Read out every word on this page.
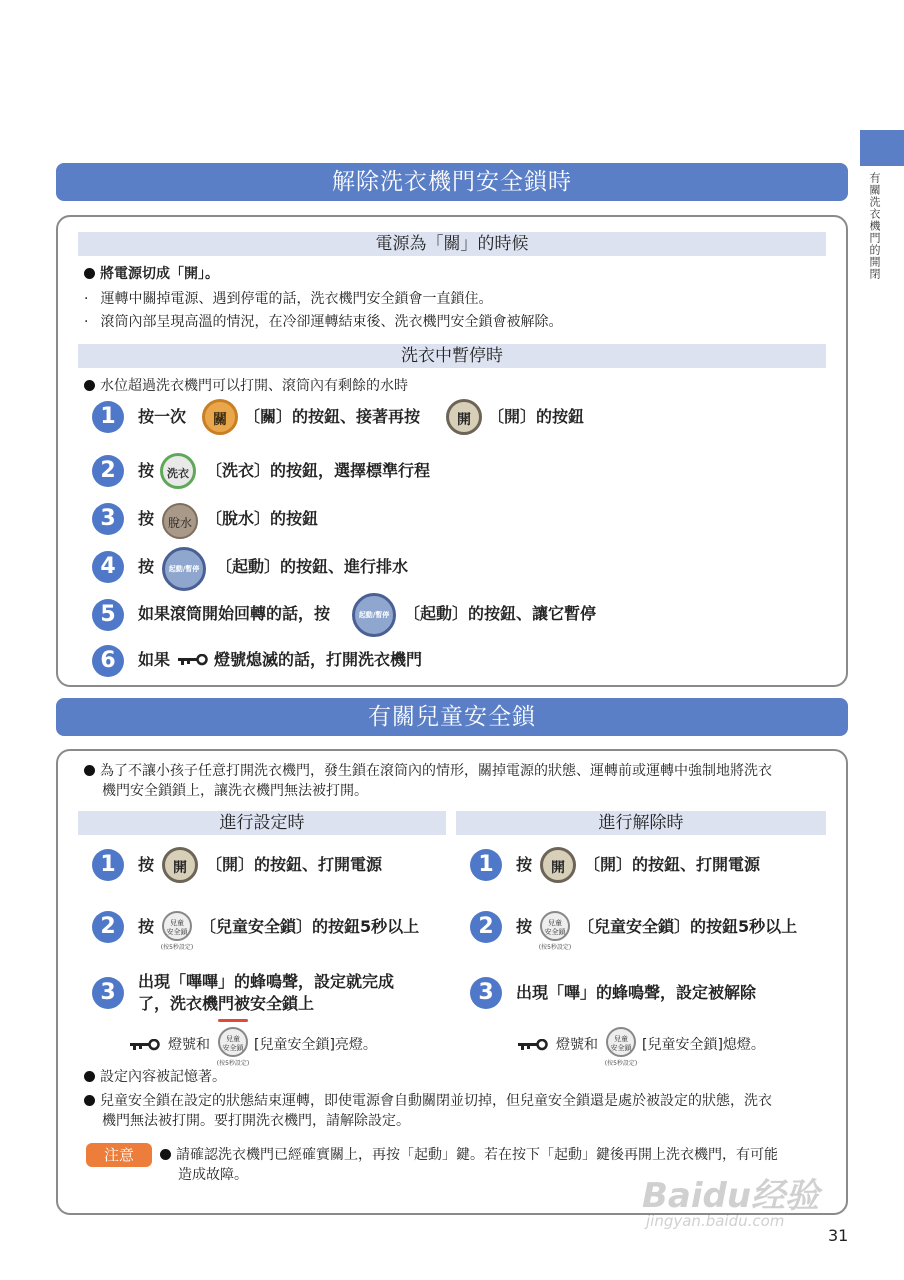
有關洗衣機門的開閉
解除洗衣機門安全鎖時
電源為「關」的時候
將電源切成「開」。
· 運轉中關掉電源、遇到停電的話，洗衣機門安全鎖會一直鎖住。
· 滾筒內部呈現高溫的情況，在冷卻運轉結束後、洗衣機門安全鎖會被解除。
洗衣中暫停時
水位超過洗衣機門可以打開、滾筒內有剩餘的水時
1	按一次	關	〔關〕的按鈕、接著再按	開	〔開〕的按鈕
2	按	洗衣	〔洗衣〕的按鈕，選擇標準行程
3	按	脫水 〔脫水〕的按鈕
4	按	起動/暫停	〔起動〕的按鈕、進行排水
5	如果滾筒開始回轉的話，按	起動/暫停 〔起動〕的按鈕、讓它暫停
6	如果	燈號熄滅的話，打開洗衣機門
有關兒童安全鎖
為了不讓小孩子任意打開洗衣機門，發生鎖在滾筒內的情形，關掉電源的狀態、運轉前或運轉中強制地將洗衣
機門安全鎖鎖上，讓洗衣機門無法被打開。
進行設定時	進行解除時
1	按	開	〔開〕的按鈕、打開電源
2	按	兒童
安全鎖
(按5秒設定)
〔兒童安全鎖〕的按鈕5秒以上
3	出現「嗶嗶」的蜂鳴聲，設定就完成
了，洗衣機門被安全鎖上
燈號和	兒童
安全鎖
(按5秒設定)
[兒童安全鎖]亮燈。
1	按	開	〔開〕的按鈕、打開電源
2	按	兒童
安全鎖
(按5秒設定)
〔兒童安全鎖〕的按鈕5秒以上
3	出現「嗶」的蜂鳴聲，設定被解除
燈號和	兒童
安全鎖
(按5秒設定)
[兒童安全鎖]熄燈。
設定內容被記憶著。
兒童安全鎖在設定的狀態結束運轉，即使電源會自動關閉並切掉，但兒童安全鎖還是處於被設定的狀態，洗衣
機門無法被打開。要打開洗衣機門，請解除設定。
注意	請確認洗衣機門已經確實關上，再按「起動」鍵。若在按下「起動」鍵後再開上洗衣機門，有可能
造成故障。
Baidu经验
jingyan.baidu.com
31
